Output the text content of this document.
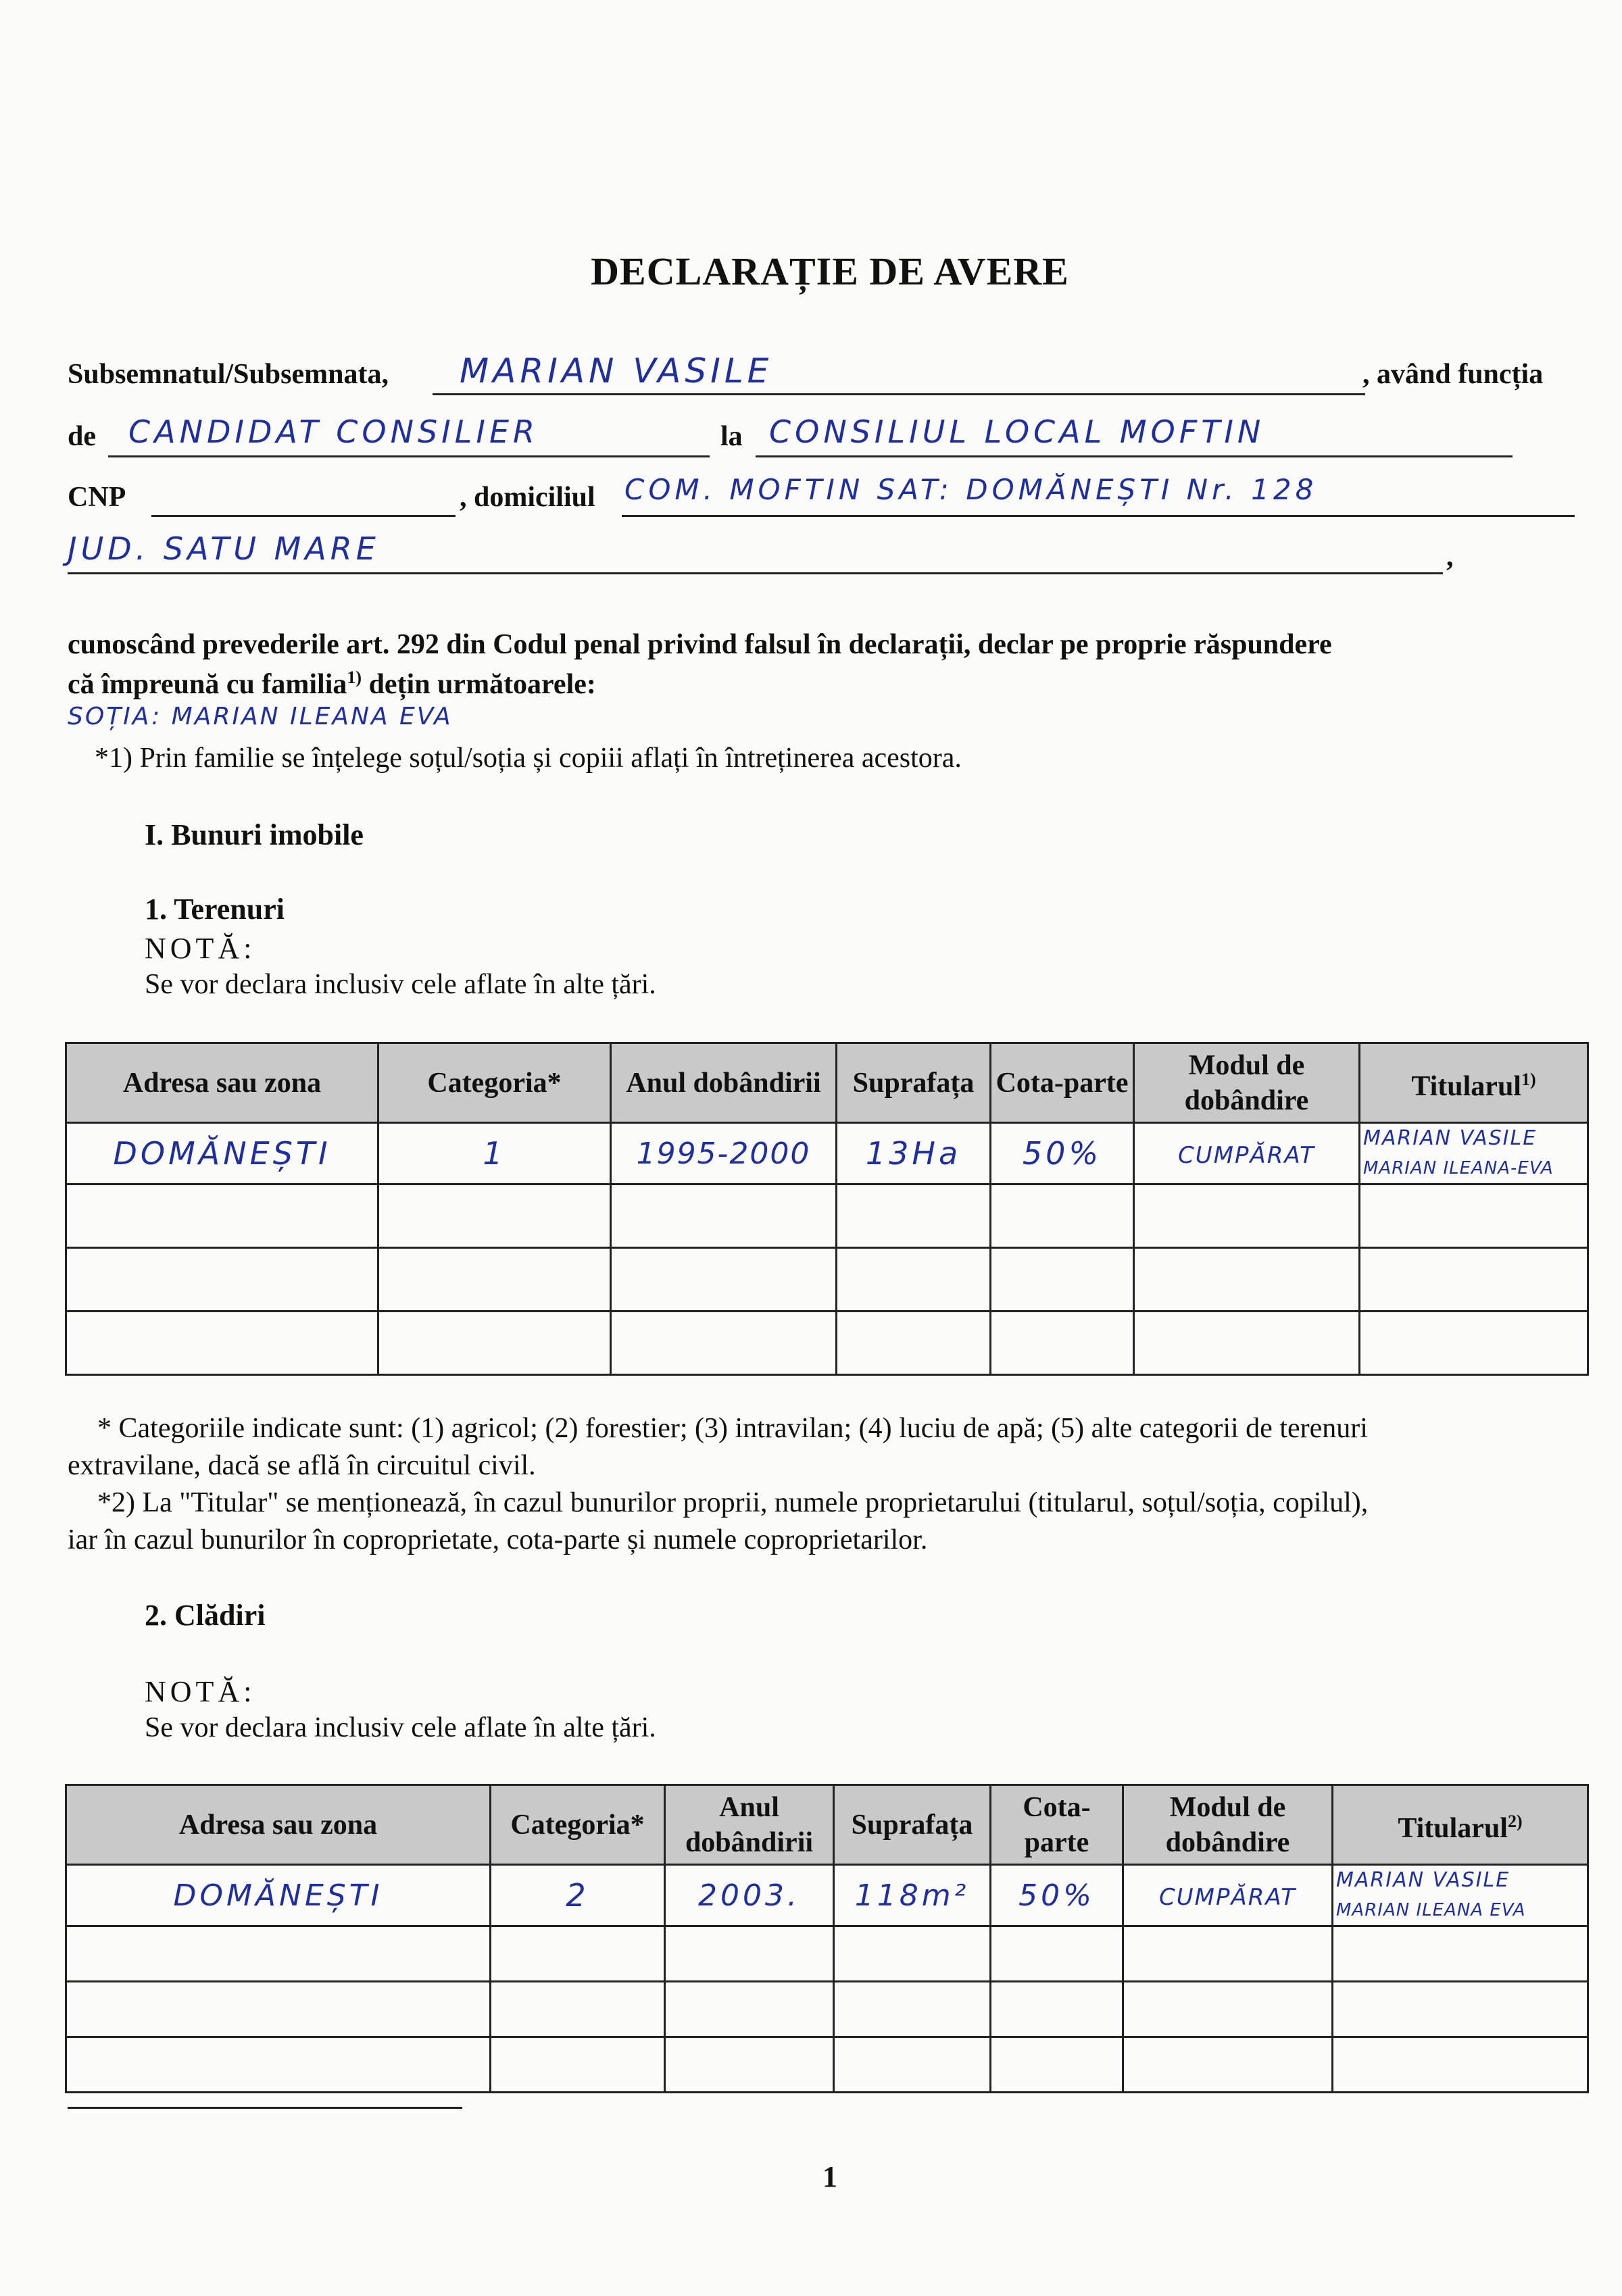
DECLARAȚIE DE AVERE
Subsemnatul/Subsemnata,	MARIAN VASILE	, având funcția
de	CANDIDAT CONSILIER	la CONSILIUL LOCAL MOFTIN
CNP	, domiciliul COM. MOFTIN SAT: DOMĂNEȘTI Nr. 128
JUD. SATU MARE	,
cunoscând prevederile art. 292 din Codul penal privind falsul în declarații, declar pe proprie răspundere
că împreună cu familia$^{1)}$ dețin următoarele:
SOȚIA: MARIAN ILEANA EVA
*1) Prin familie se înțelege soțul/soția și copiii aflați în întreținerea acestora.
I. Bunuri imobile
1. Terenuri
NOTĂ:
Se vor declara inclusiv cele aflate în alte țări.
Adresa sau zona	Categoria*	Anul dobândirii	Suprafața	Cota-parte	Modul de dobândire	Titularul$^{1)}$
DOMĂNEȘTI	1	1995-2000	13Ha	50%	CUMPĂRAT	MARIAN VASILE
MARIAN ILEANA-EVA

* Categoriile indicate sunt: (1) agricol; (2) forestier; (3) intravilan; (4) luciu de apă; (5) alte categorii de terenuri
extravilane, dacă se află în circuitul civil.
*2) La "Titular" se menționează, în cazul bunurilor proprii, numele proprietarului (titularul, soțul/soția, copilul),
iar în cazul bunurilor în coproprietate, cota-parte și numele coproprietarilor.
2. Clădiri
NOTĂ:
Se vor declara inclusiv cele aflate în alte țări.
Adresa sau zona	Categoria*	Anul dobândirii	Suprafața	Cota-parte	Modul de dobândire	Titularul$^{2)}$
DOMĂNEȘTI	2	2003.	118m²	50%	CUMPĂRAT	MARIAN VASILE
MARIAN ILEANA EVA

1
